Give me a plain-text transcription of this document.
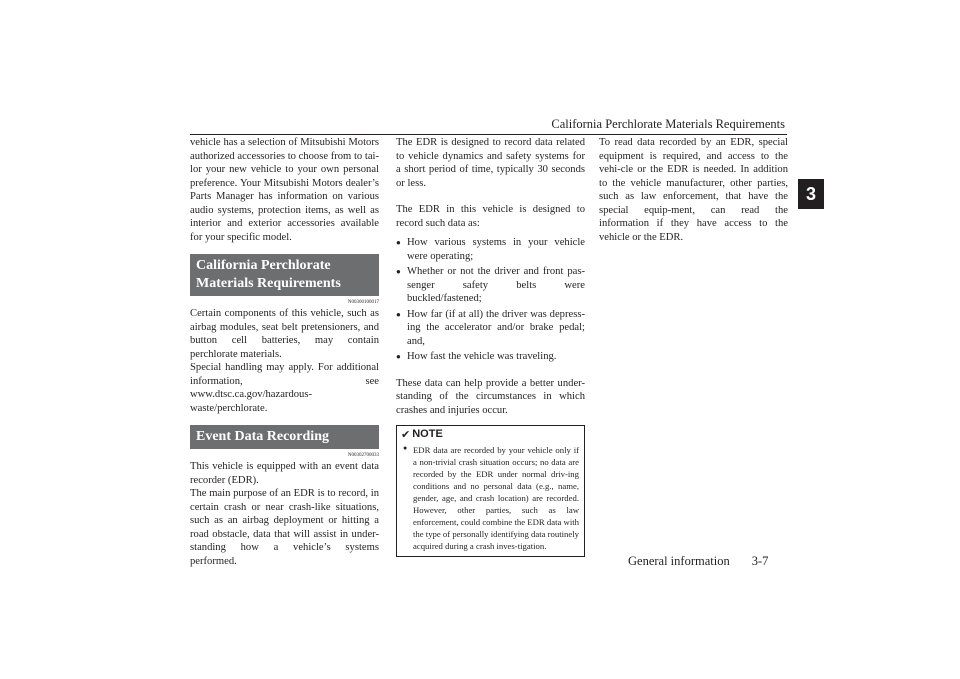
California Perchlorate Materials Requirements
3

vehicle has a selection of Mitsubishi Motors authorized accessories to choose from to tai-lor your new vehicle to your own personal preference. Your Mitsubishi Motors dealer’s Parts Manager has information on various audio systems, protection items, as well as interior and exterior accessories available for your specific model.

California Perchlorate Materials Requirements
N00300100017

Certain components of this vehicle, such as airbag modules, seat belt pretensioners, and button cell batteries, may contain perchlorate materials.

Special handling may apply. For additional information, see www.dtsc.ca.gov/hazardous-waste/perchlorate.

Event Data Recording
N00302700033

This vehicle is equipped with an event data recorder (EDR).

The main purpose of an EDR is to record, in certain crash or near crash-like situations, such as an airbag deployment or hitting a road obstacle, data that will assist in under-standing how a vehicle’s systems performed.

The EDR is designed to record data related to vehicle dynamics and safety systems for a short period of time, typically 30 seconds or less.

The EDR in this vehicle is designed to record such data as:

● How various systems in your vehicle were operating;
● Whether or not the driver and front pas-senger safety belts were buckled/fastened;
● How far (if at all) the driver was depress-ing the accelerator and/or brake pedal; and,
● How fast the vehicle was traveling.

These data can help provide a better under-standing of the circumstances in which crashes and injuries occur.

✔ NOTE
● EDR data are recorded by your vehicle only if a non-trivial crash situation occurs; no data are recorded by the EDR under normal driv-ing conditions and no personal data (e.g., name, gender, age, and crash location) are recorded. However, other parties, such as law enforcement, could combine the EDR data with the type of personally identifying data routinely acquired during a crash inves-tigation.

To read data recorded by an EDR, special equipment is required, and access to the vehi-cle or the EDR is needed. In addition to the vehicle manufacturer, other parties, such as law enforcement, that have the special equip-ment, can read the information if they have access to the vehicle or the EDR.

General information 3-7
